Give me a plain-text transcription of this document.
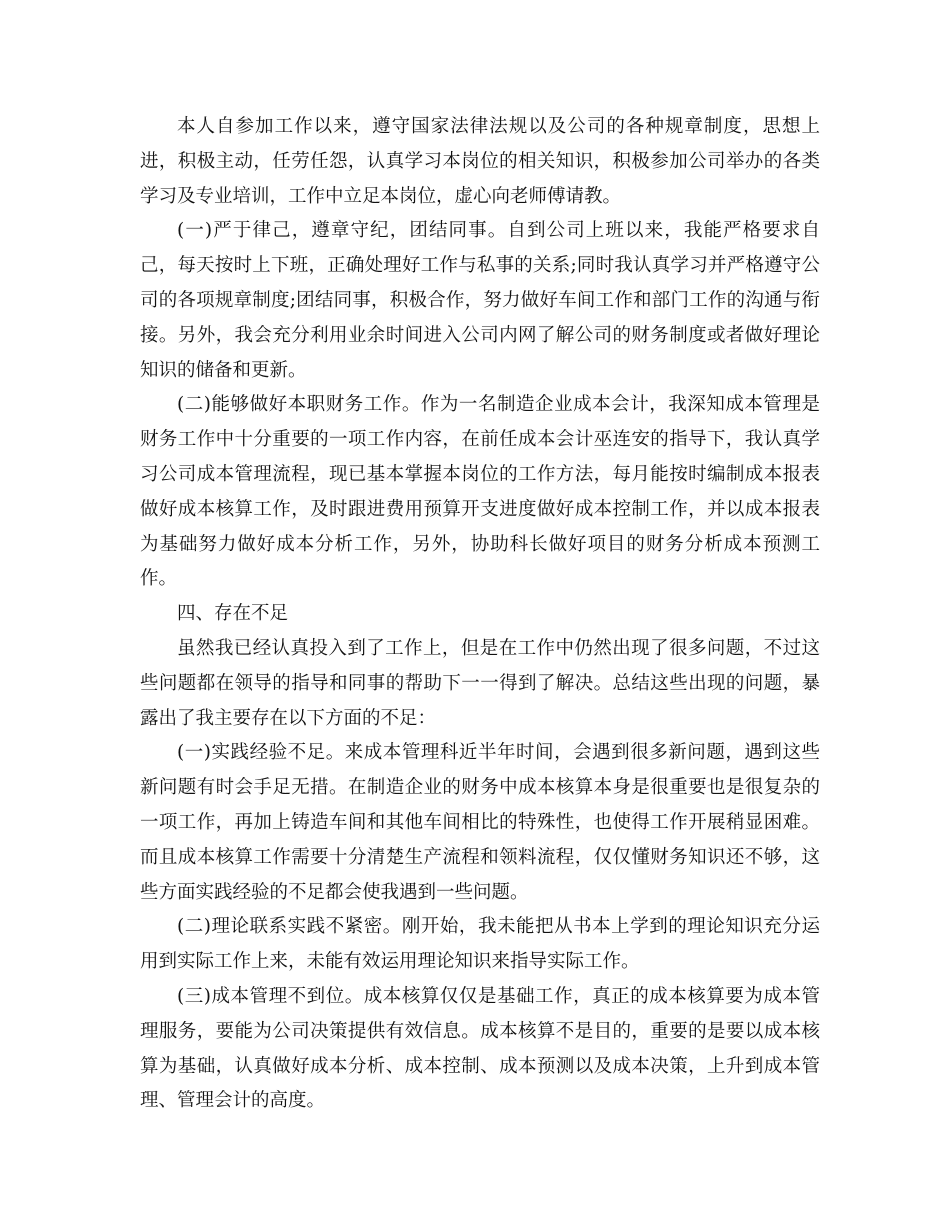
本人自参加工作以来，遵守国家法律法规以及公司的各种规章制度，思想上进，积极主动，任劳任怨，认真学习本岗位的相关知识，积极参加公司举办的各类学习及专业培训，工作中立足本岗位，虚心向老师傅请教。

(一)严于律己，遵章守纪，团结同事。自到公司上班以来，我能严格要求自己，每天按时上下班，正确处理好工作与私事的关系;同时我认真学习并严格遵守公司的各项规章制度;团结同事，积极合作，努力做好车间工作和部门工作的沟通与衔接。另外，我会充分利用业余时间进入公司内网了解公司的财务制度或者做好理论知识的储备和更新。

(二)能够做好本职财务工作。作为一名制造企业成本会计，我深知成本管理是财务工作中十分重要的一项工作内容，在前任成本会计巫连安的指导下，我认真学习公司成本管理流程，现已基本掌握本岗位的工作方法，每月能按时编制成本报表做好成本核算工作，及时跟进费用预算开支进度做好成本控制工作，并以成本报表为基础努力做好成本分析工作，另外，协助科长做好项目的财务分析成本预测工作。

四、存在不足

虽然我已经认真投入到了工作上，但是在工作中仍然出现了很多问题，不过这些问题都在领导的指导和同事的帮助下一一得到了解决。总结这些出现的问题，暴露出了我主要存在以下方面的不足：

(一)实践经验不足。来成本管理科近半年时间，会遇到很多新问题，遇到这些新问题有时会手足无措。在制造企业的财务中成本核算本身是很重要也是很复杂的一项工作，再加上铸造车间和其他车间相比的特殊性，也使得工作开展稍显困难。而且成本核算工作需要十分清楚生产流程和领料流程，仅仅懂财务知识还不够，这些方面实践经验的不足都会使我遇到一些问题。

(二)理论联系实践不紧密。刚开始，我未能把从书本上学到的理论知识充分运用到实际工作上来，未能有效运用理论知识来指导实际工作。

(三)成本管理不到位。成本核算仅仅是基础工作，真正的成本核算要为成本管理服务，要能为公司决策提供有效信息。成本核算不是目的，重要的是要以成本核算为基础，认真做好成本分析、成本控制、成本预测以及成本决策，上升到成本管理、管理会计的高度。
